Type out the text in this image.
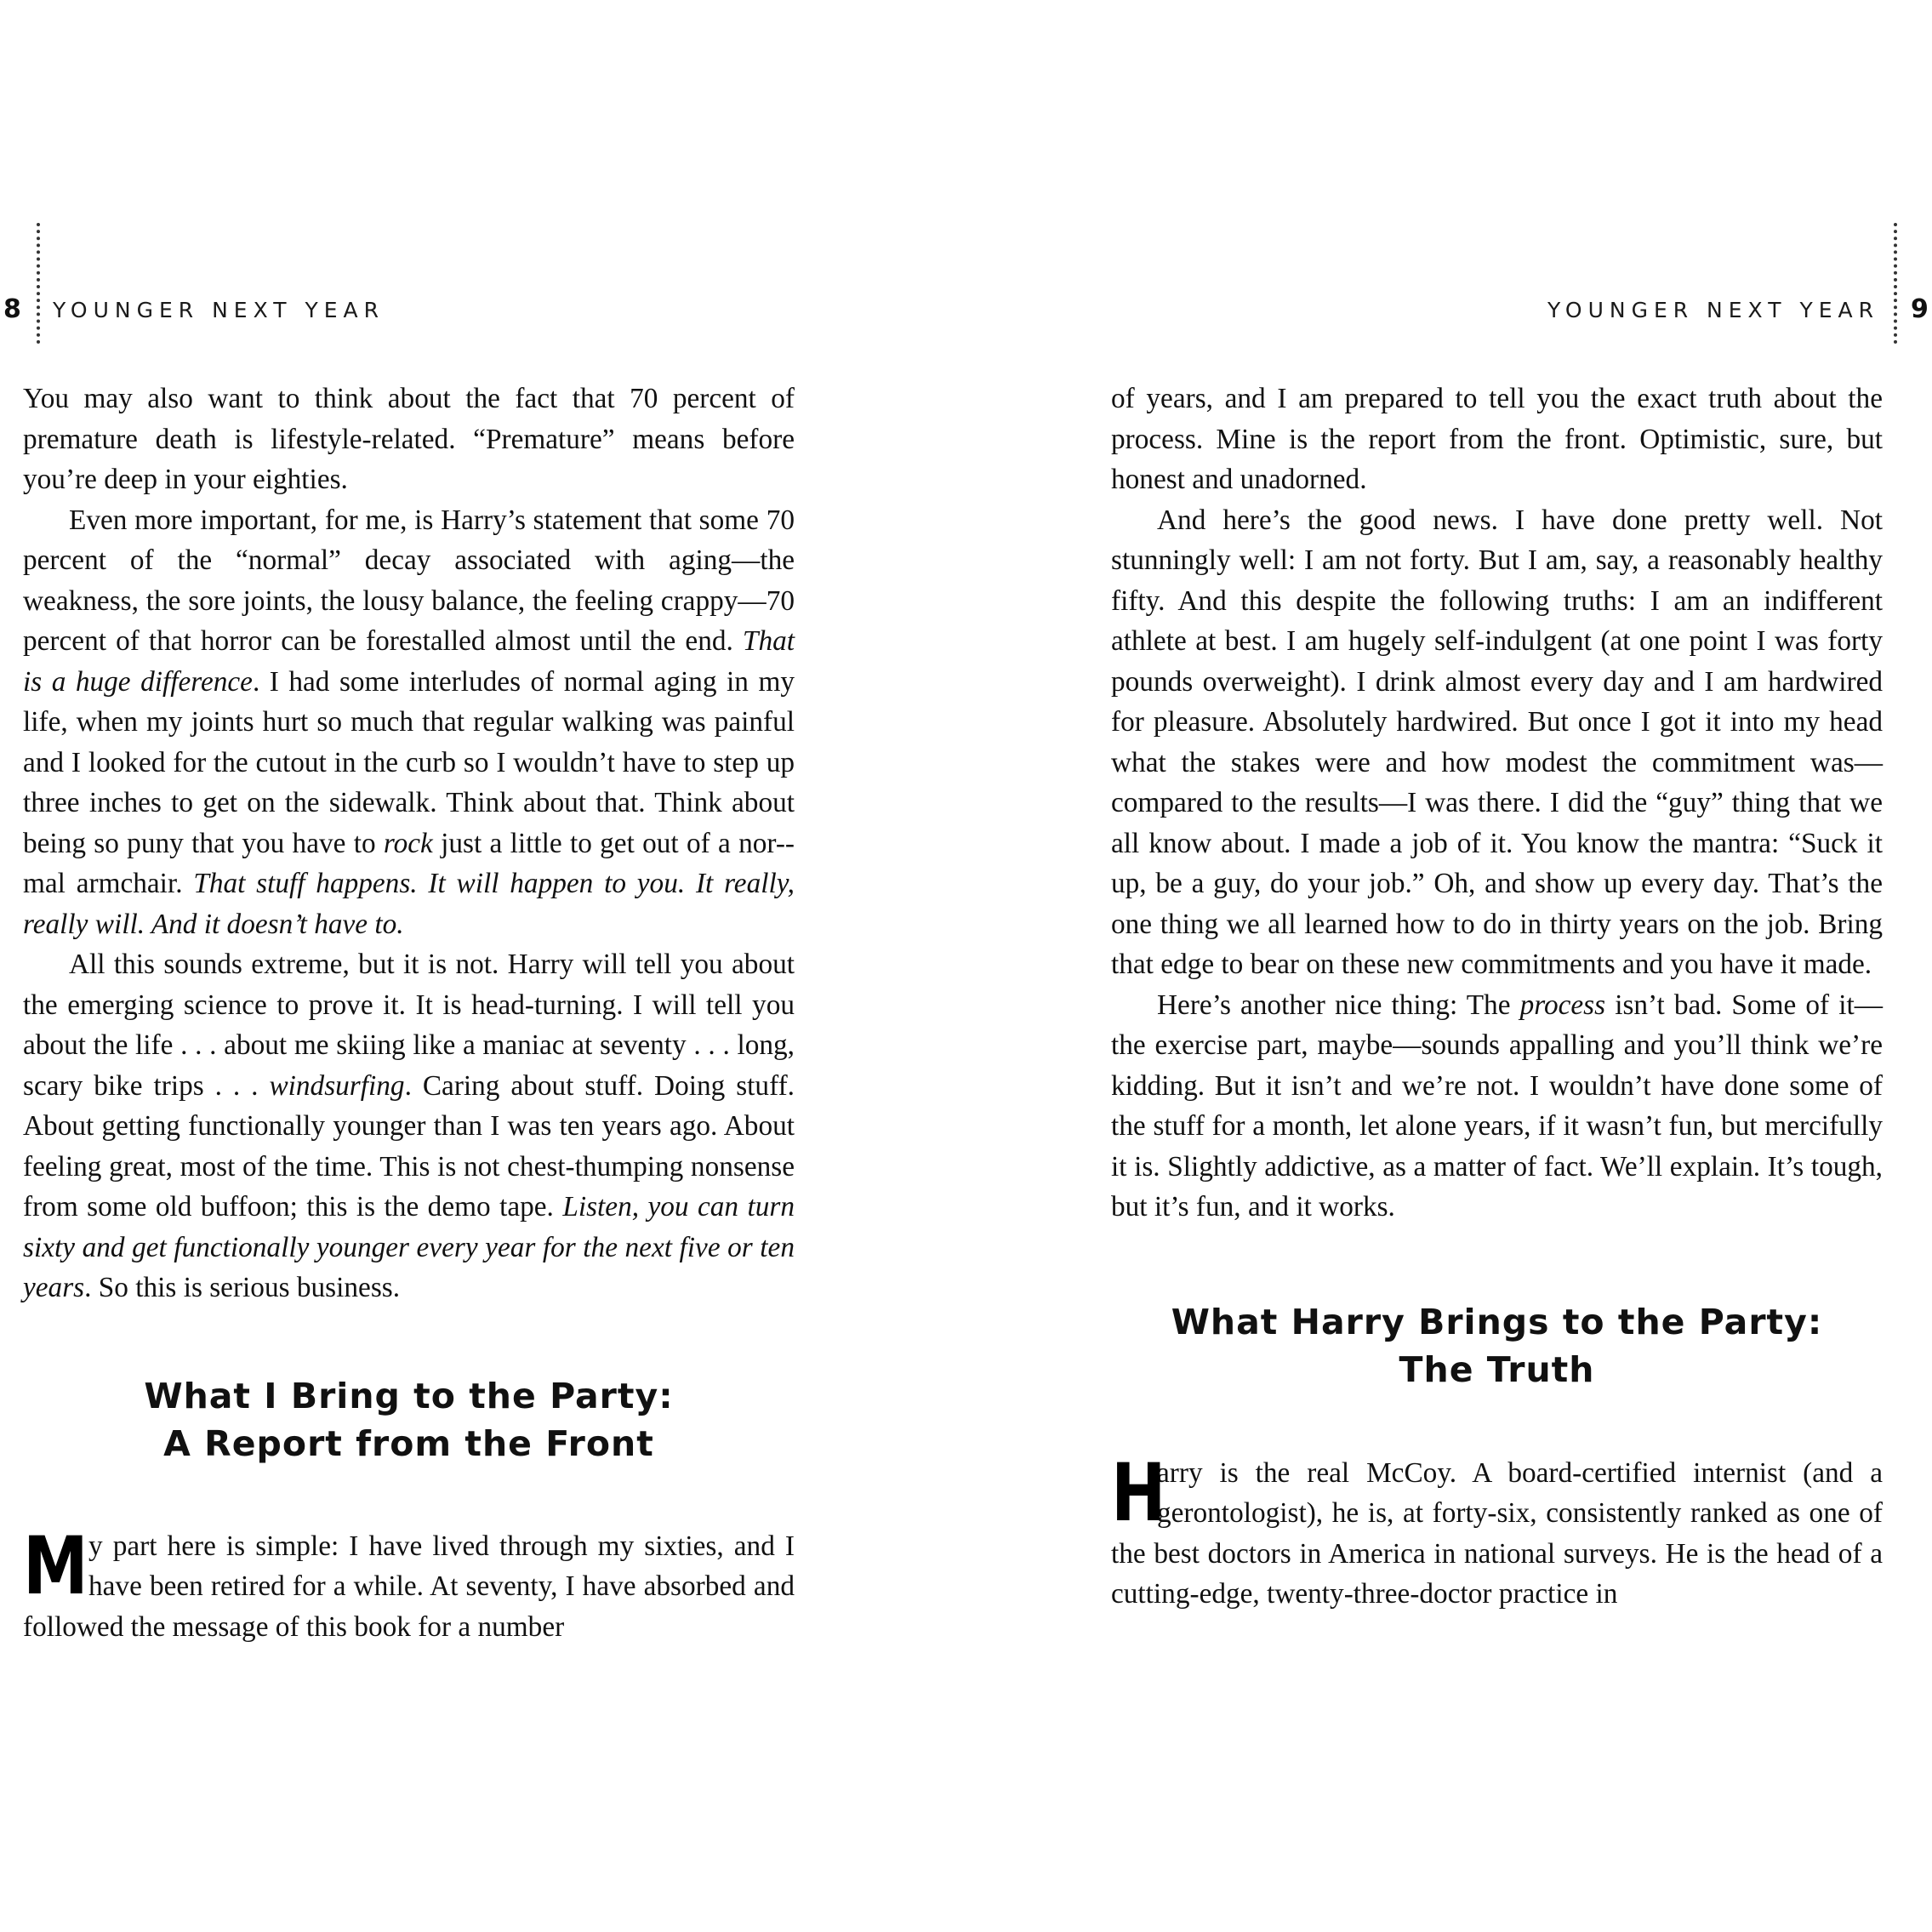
8 YOUNGER NEXT YEAR

You may also want to think about the fact that 70 percent of premature death is lifestyle-related. “Premature” means before you’re deep in your eighties.

Even more important, for me, is Harry’s statement that some 70 percent of the “normal” decay associated with aging—the weakness, the sore joints, the lousy balance, the feeling crappy—70 percent of that horror can be forestalled almost until the end. That is a huge difference. I had some interludes of normal aging in my life, when my joints hurt so much that regular walking was painful and I looked for the cutout in the curb so I wouldn’t have to step up three inches to get on the sidewalk. Think about that. Think about being so puny that you have to rock just a little to get out of a nor-mal armchair. That stuff happens. It will happen to you. It really, really will. And it doesn’t have to.

All this sounds extreme, but it is not. Harry will tell you about the emerging science to prove it. It is head-turning. I will tell you about the life . . . about me skiing like a maniac at seventy . . . long, scary bike trips . . . windsurfing. Caring about stuff. Doing stuff. About getting functionally younger than I was ten years ago. About feeling great, most of the time. This is not chest-thumping nonsense from some old buffoon; this is the demo tape. Listen, you can turn sixty and get functionally younger every year for the next five or ten years. So this is serious business.

What I Bring to the Party:
A Report from the Front

My part here is simple: I have lived through my sixties, and I have been retired for a while. At seventy, I have absorbed and followed the message of this book for a number

YOUNGER NEXT YEAR 9

of years, and I am prepared to tell you the exact truth about the process. Mine is the report from the front. Optimistic, sure, but honest and unadorned.

And here’s the good news. I have done pretty well. Not stunningly well: I am not forty. But I am, say, a reasonably healthy fifty. And this despite the following truths: I am an indifferent athlete at best. I am hugely self-indulgent (at one point I was forty pounds overweight). I drink almost every day and I am hardwired for pleasure. Absolutely hardwired. But once I got it into my head what the stakes were and how modest the commitment was— compared to the results—I was there. I did the “guy” thing that we all know about. I made a job of it. You know the mantra: “Suck it up, be a guy, do your job.” Oh, and show up every day. That’s the one thing we all learned how to do in thirty years on the job. Bring that edge to bear on these new commitments and you have it made.

Here’s another nice thing: The process isn’t bad. Some of it—the exercise part, maybe—sounds appalling and you’ll think we’re kidding. But it isn’t and we’re not. I wouldn’t have done some of the stuff for a month, let alone years, if it wasn’t fun, but mercifully it is. Slightly addictive, as a matter of fact. We’ll explain. It’s tough, but it’s fun, and it works.

What Harry Brings to the Party:
The Truth

H
arry is the real McCoy. A board-certified internist (and a gerontologist), he is, at forty-six, consistently ranked as one of the best doctors in America in national surveys. He is the head of a cutting-edge, twenty-three-doctor practice in
